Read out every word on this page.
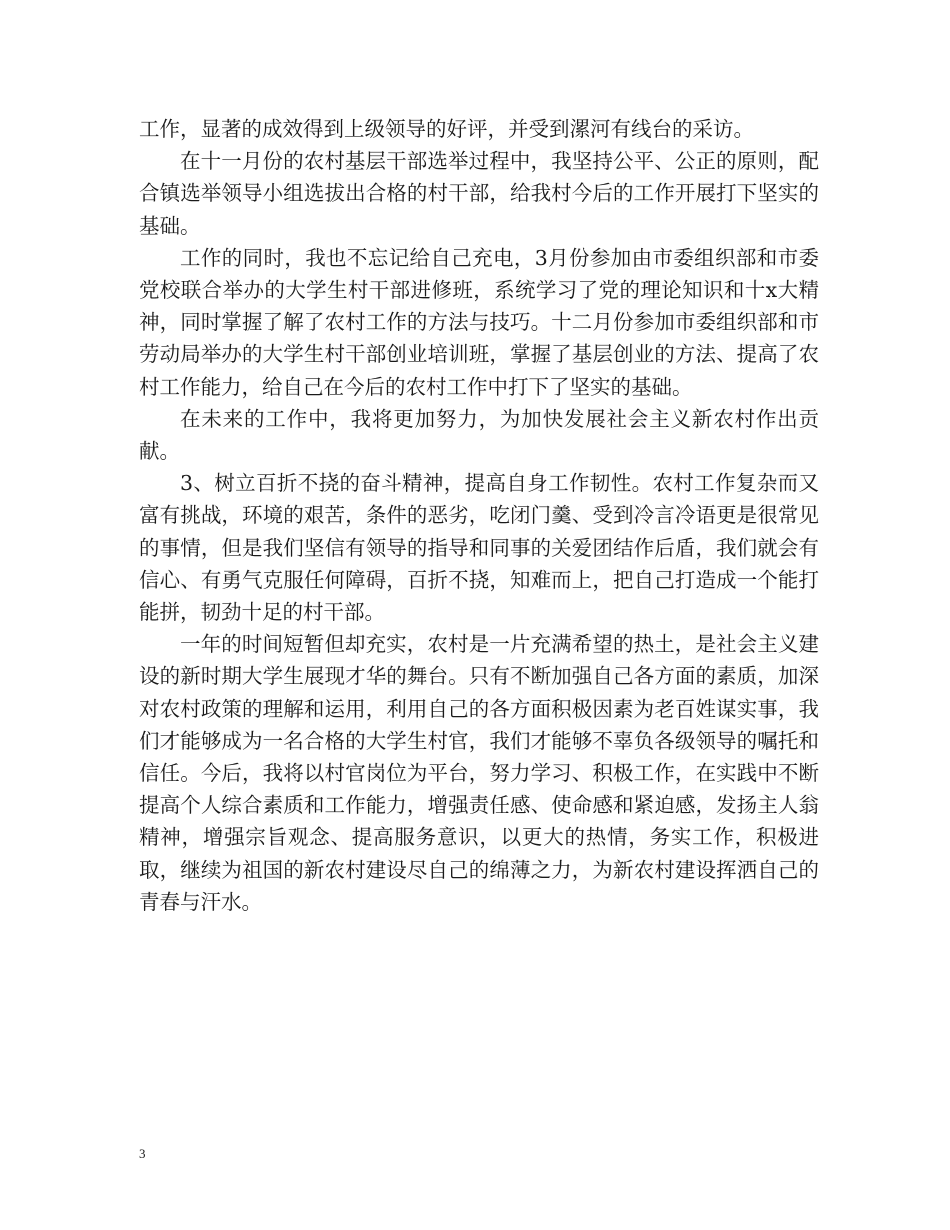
工作，显著的成效得到上级领导的好评，并受到漯河有线台的采访。

在十一月份的农村基层干部选举过程中，我坚持公平、公正的原则，配合镇选举领导小组选拔出合格的村干部，给我村今后的工作开展打下坚实的基础。

工作的同时，我也不忘记给自己充电，3月份参加由市委组织部和市委党校联合举办的大学生村干部进修班，系统学习了党的理论知识和十x大精神，同时掌握了解了农村工作的方法与技巧。十二月份参加市委组织部和市劳动局举办的大学生村干部创业培训班，掌握了基层创业的方法、提高了农村工作能力，给自己在今后的农村工作中打下了坚实的基础。

在未来的工作中，我将更加努力，为加快发展社会主义新农村作出贡献。

3、树立百折不挠的奋斗精神，提高自身工作韧性。农村工作复杂而又富有挑战，环境的艰苦，条件的恶劣，吃闭门羹、受到冷言冷语更是很常见的事情，但是我们坚信有领导的指导和同事的关爱团结作后盾，我们就会有信心、有勇气克服任何障碍，百折不挠，知难而上，把自己打造成一个能打能拼，韧劲十足的村干部。

一年的时间短暂但却充实，农村是一片充满希望的热土，是社会主义建设的新时期大学生展现才华的舞台。只有不断加强自己各方面的素质，加深对农村政策的理解和运用，利用自己的各方面积极因素为老百姓谋实事，我们才能够成为一名合格的大学生村官，我们才能够不辜负各级领导的嘱托和信任。今后，我将以村官岗位为平台，努力学习、积极工作，在实践中不断提高个人综合素质和工作能力，增强责任感、使命感和紧迫感，发扬主人翁精神，增强宗旨观念、提高服务意识，以更大的热情，务实工作，积极进取，继续为祖国的新农村建设尽自己的绵薄之力，为新农村建设挥洒自己的青春与汗水。

3
